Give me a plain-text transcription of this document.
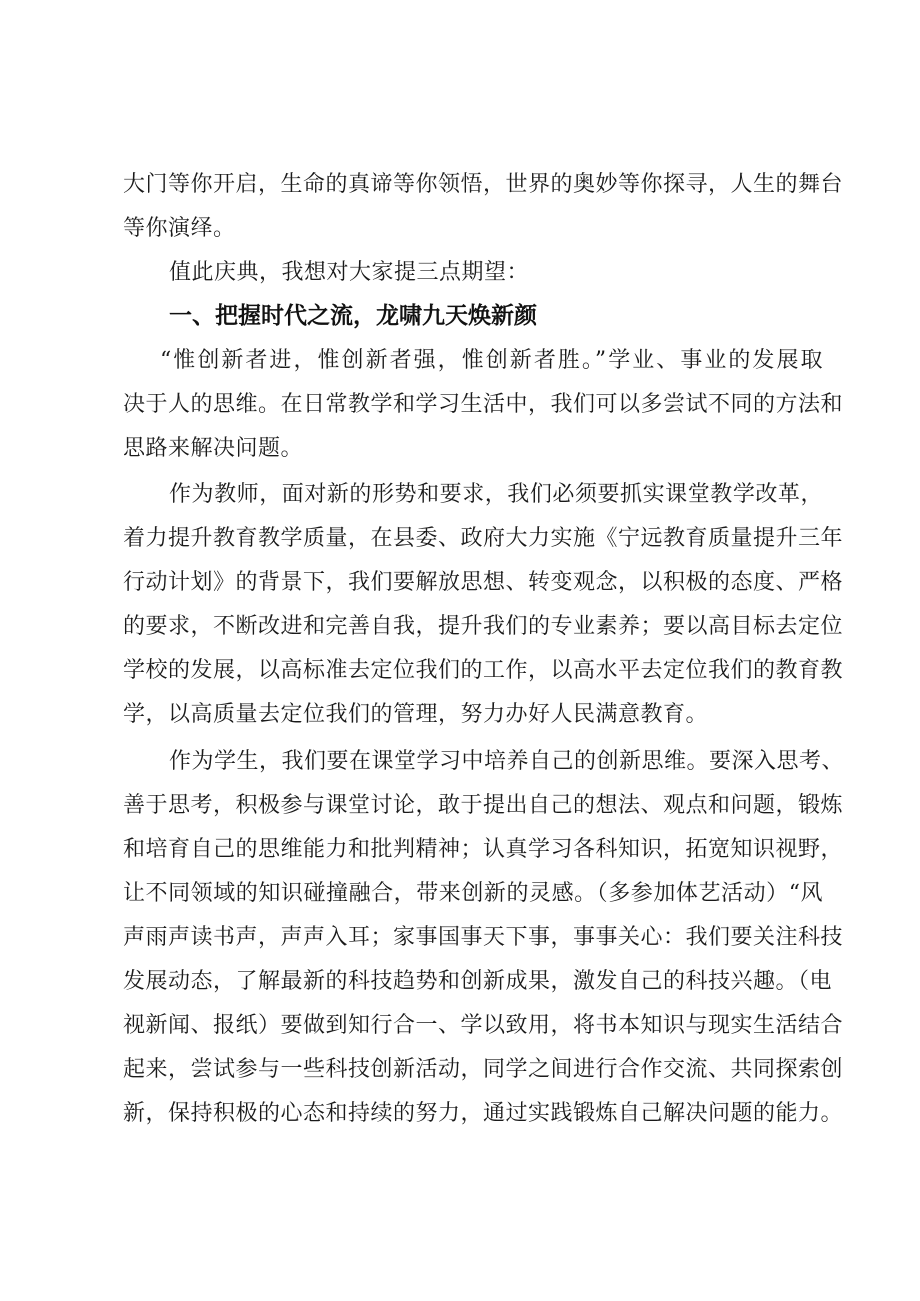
大门等你开启，生命的真谛等你领悟，世界的奥妙等你探寻，人生的舞台
等你演绎。
值此庆典，我想对大家提三点期望：
一、把握时代之流，龙啸九天焕新颜
“惟创新者进，惟创新者强，惟创新者胜。”学业、事业的发展取
决于人的思维。在日常教学和学习生活中，我们可以多尝试不同的方法和
思路来解决问题。
作为教师，面对新的形势和要求，我们必须要抓实课堂教学改革，
着力提升教育教学质量，在县委、政府大力实施《宁远教育质量提升三年
行动计划》的背景下，我们要解放思想、转变观念，以积极的态度、严格
的要求，不断改进和完善自我，提升我们的专业素养；要以高目标去定位
学校的发展，以高标准去定位我们的工作，以高水平去定位我们的教育教
学，以高质量去定位我们的管理，努力办好人民满意教育。
作为学生，我们要在课堂学习中培养自己的创新思维。要深入思考、
善于思考，积极参与课堂讨论，敢于提出自己的想法、观点和问题，锻炼
和培育自己的思维能力和批判精神；认真学习各科知识，拓宽知识视野，
让不同领域的知识碰撞融合，带来创新的灵感。（多参加体艺活动）“风
声雨声读书声，声声入耳；家事国事天下事，事事关心：我们要关注科技
发展动态，了解最新的科技趋势和创新成果，激发自己的科技兴趣。（电
视新闻、报纸）要做到知行合一、学以致用，将书本知识与现实生活结合
起来，尝试参与一些科技创新活动，同学之间进行合作交流、共同探索创
新，保持积极的心态和持续的努力，通过实践锻炼自己解决问题的能力。
